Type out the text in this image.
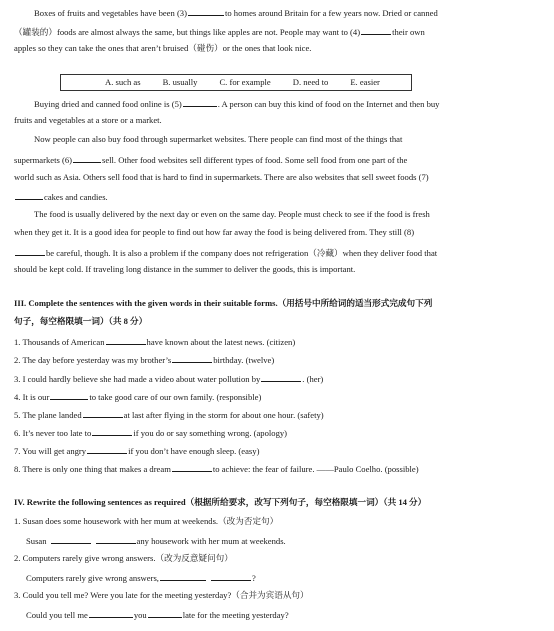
Boxes of fruits and vegetables have been (3)	to homes around Britain for a few years now. Dried or canned
（罐装的）foods are almost always the same, but things like apples are not. People may want to (4)	their own
apples so they can take the ones that aren’t bruised（碰伤）or the ones that look nice.
A. such as	B. usually	C. for example	D. need to	E. easier
Buying dried and canned food online is (5)	. A person can buy this kind of food on the Internet and then buy
fruits and vegetables at a store or a market.
Now people can also buy food through supermarket websites. There people can find most of the things that
supermarkets (6)	sell. Other food websites sell different types of food. Some sell food from one part of the
world such as Asia. Others sell food that is hard to find in supermarkets. There are also websites that sell sweet foods (7)
cakes and candies.
The food is usually delivered by the next day or even on the same day. People must check to see if the food is fresh
when they get it. It is a good idea for people to find out how far away the food is being delivered from. They still (8)
be careful, though. It is also a problem if the company does not refrigeration（冷藏）when they deliver food that
should be kept cold. If traveling long distance in the summer to deliver the goods, this is important.
III. Complete the sentences with the given words in their suitable forms.（用括号中所给词的适当形式完成句下列
句子，每空格限填一词）（共 8 分）
1. Thousands of American	have known about the latest news. (citizen)
2. The day before yesterday was my brother’s	birthday. (twelve)
3. I could hardly believe she had made a video about water pollution by	. (her)
4. It is our	to take good care of our own family. (responsible)
5. The plane landed	at last after flying in the storm for about one hour. (safety)
6. It’s never too late to	if you do or say something wrong. (apology)
7. You will get angry	if you don’t have enough sleep. (easy)
8. There is only one thing that makes a dream	to achieve: the fear of failure. ——Paulo Coelho. (possible)
IV. Rewrite the following sentences as required（根据所给要求，改写下列句子，每空格限填一词）（共 14 分）
1. Susan does some housework with her mum at weekends.（改为否定句）
Susan	any housework with her mum at weekends.
2. Computers rarely give wrong answers.（改为反意疑问句）
Computers rarely give wrong answers,	?
3. Could you tell me? Were you late for the meeting yesterday?（合并为宾语从句）
Could you tell me	you	late for the meeting yesterday?
